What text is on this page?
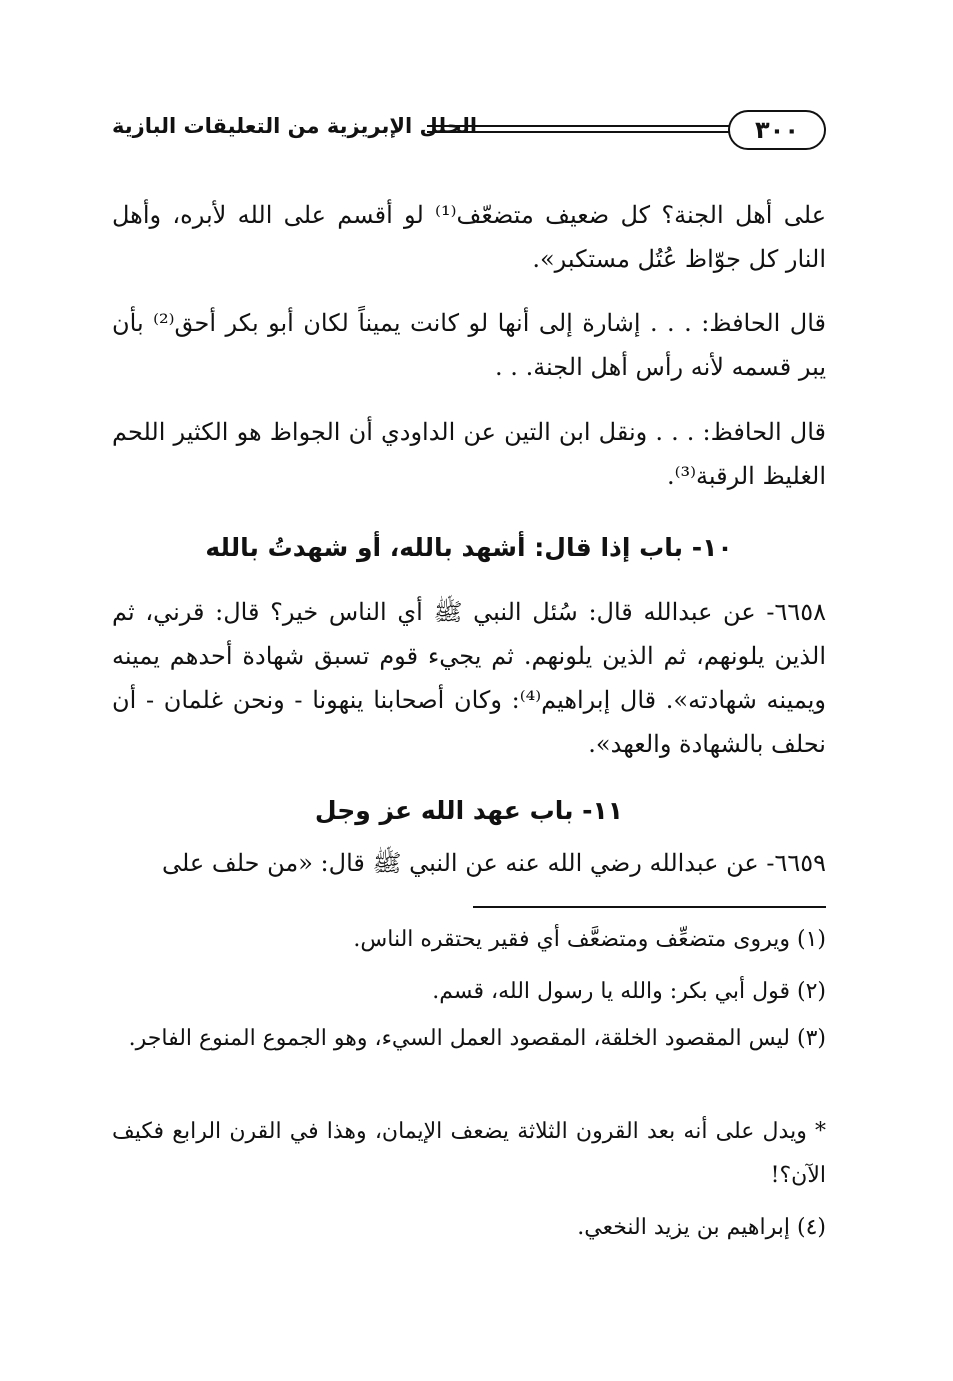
٣٠٠
الحلل الإبريزية من التعليقات البازية
على أهل الجنة؟ كل ضعيف متضعّف⁽¹⁾ لو أقسم على الله لأبره، وأهل النار كل جوّاظ عُتُل مستكبر».
قال الحافظ: . . . إشارة إلى أنها لو كانت يميناً لكان أبو بكر أحق⁽²⁾ بأن يبر قسمه لأنه رأس أهل الجنة. . .
قال الحافظ: . . . ونقل ابن التين عن الداودي أن الجواظ هو الكثير اللحم الغليظ الرقبة⁽³⁾.
١٠- باب إذا قال: أشهد بالله، أو شهدتُ بالله
٦٦٥٨- عن عبدالله قال: سُئل النبي ﷺ أي الناس خير؟ قال: قرني، ثم الذين يلونهم، ثم الذين يلونهم. ثم يجيء قوم تسبق شهادة أحدهم يمينه ويمينه شهادته». قال إبراهيم⁽⁴⁾: وكان أصحابنا ينهونا - ونحن غلمان - أن نحلف بالشهادة والعهد».
١١- باب عهد الله عز وجل
٦٦٥٩- عن عبدالله رضي الله عنه عن النبي ﷺ قال: «من حلف على
(١) ويروى متضعِّف ومتضعَّف أي فقير يحتقره الناس.
(٢) قول أبي بكر: والله يا رسول الله، قسم.
(٣) ليس المقصود الخلقة، المقصود العمل السيء، وهو الجموع المنوع الفاجر.
* ويدل على أنه بعد القرون الثلاثة يضعف الإيمان، وهذا في القرن الرابع فكيف الآن؟!
(٤) إبراهيم بن يزيد النخعي.
